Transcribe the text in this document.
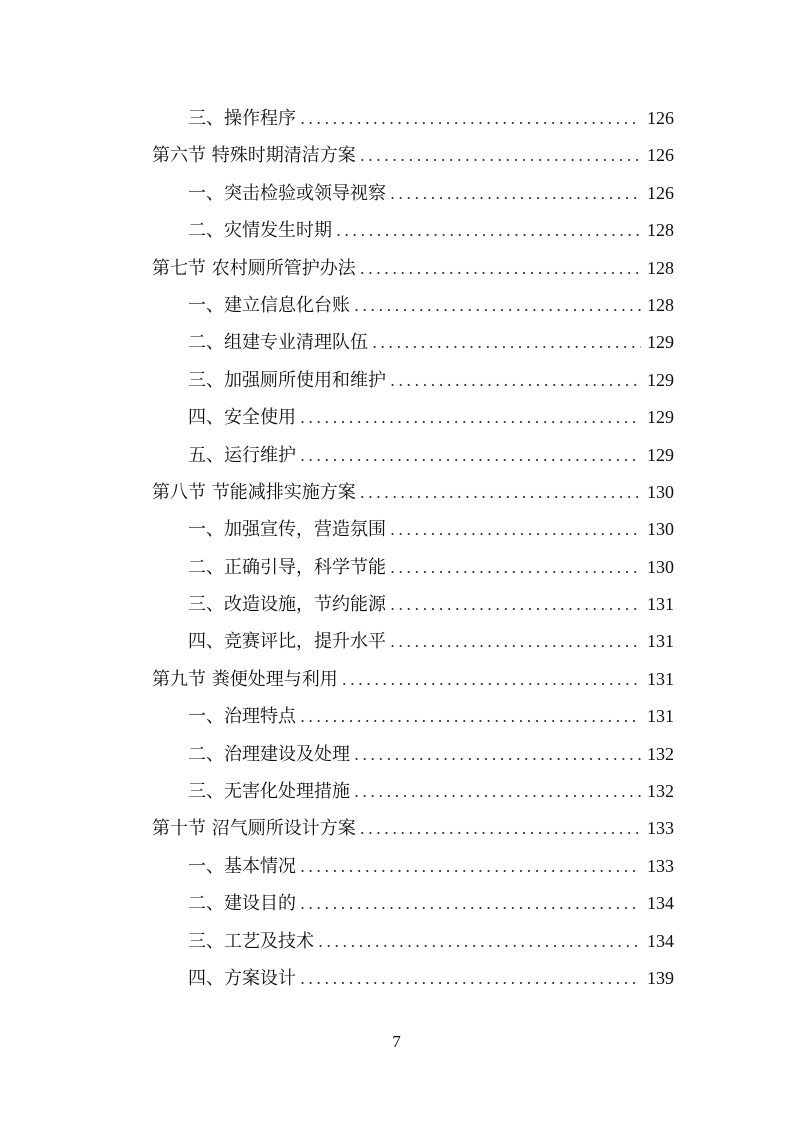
三、操作程序 .....	126
第六节 特殊时期清洁方案 .....	126
一、突击检验或领导视察 .....	126
二、灾情发生时期 .....	128
第七节 农村厕所管护办法 .....	128
一、建立信息化台账 .....	128
二、组建专业清理队伍 .....	129
三、加强厕所使用和维护 .....	129
四、安全使用 .....	129
五、运行维护 .....	129
第八节 节能减排实施方案 .....	130
一、加强宣传，营造氛围 .....	130
二、正确引导，科学节能 .....	130
三、改造设施，节约能源 .....	131
四、竞赛评比，提升水平 .....	131
第九节 粪便处理与利用 .....	131
一、治理特点 .....	131
二、治理建设及处理 .....	132
三、无害化处理措施 .....	132
第十节 沼气厕所设计方案 .....	133
一、基本情况 .....	133
二、建设目的 .....	134
三、工艺及技术 .....	134
四、方案设计 .....	139
7
